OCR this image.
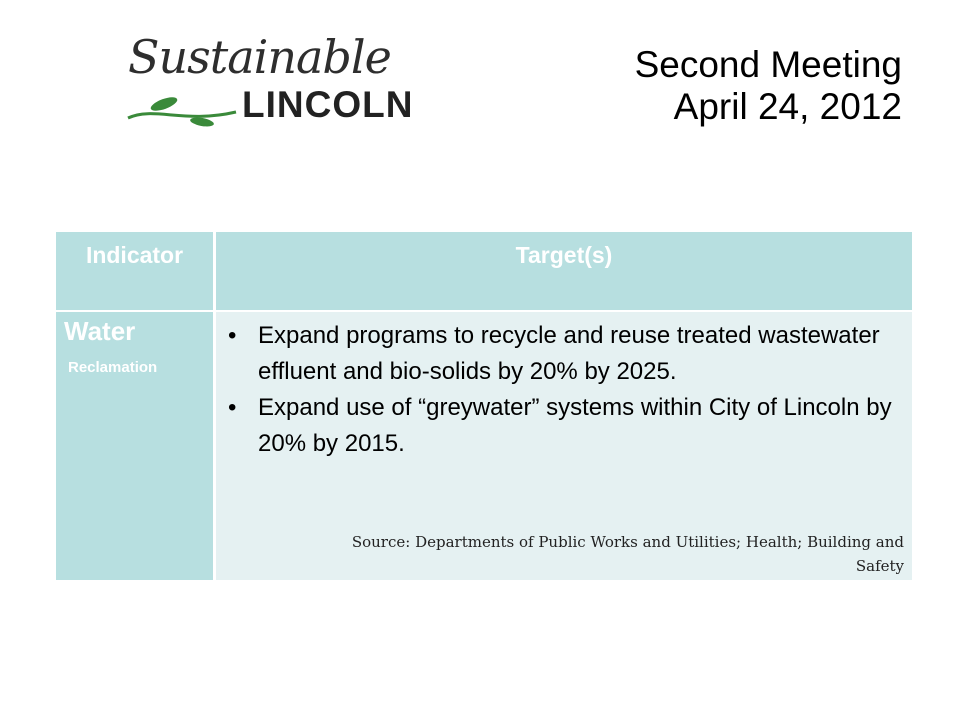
Sustainable
LINCOLN
Second Meeting
April 24, 2012
Indicator	Target(s)
Water
Reclamation
• Expand programs to recycle and reuse treated wastewater effluent and bio-solids by 20% by 2025.
• Expand use of “greywater” systems within City of Lincoln by 20% by 2015.
Source: Departments of Public Works and Utilities; Health; Building and Safety
